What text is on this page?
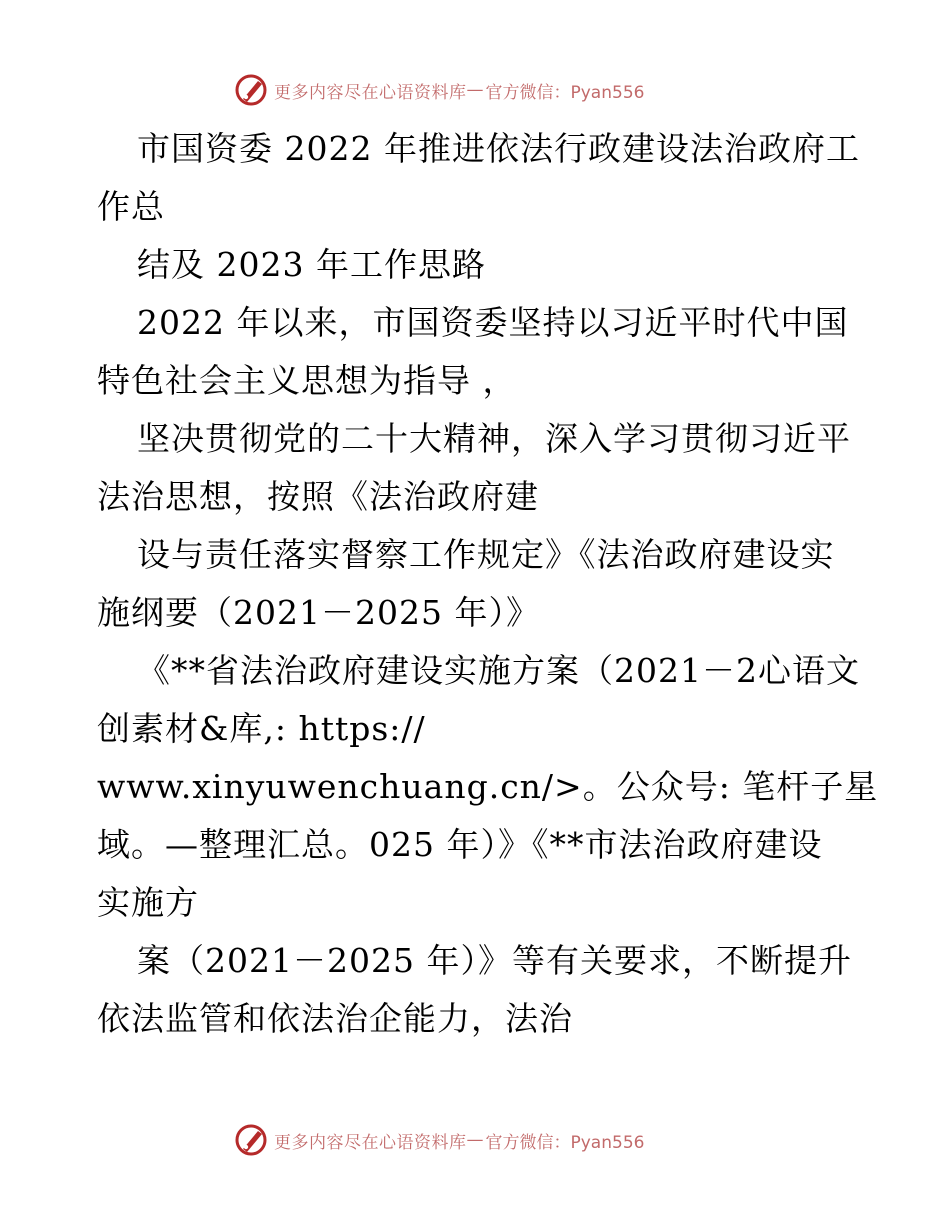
更多内容尽在心语资料库 — 官方微信：Pyan556
市国资委 2022 年推进依法行政建设法治政府工
作总
结及 2023 年工作思路
2022 年以来，市国资委坚持以习近平时代中国
特色社会主义思想为指导 ，
坚决贯彻党的二十大精神，深入学习贯彻习近平
法治思想，按照《法治政府建
设与责任落实督察工作规定》《法治政府建设实
施纲要（2021－2025 年）》
《**省法治政府建设实施方案（2021－2心语文
创素材&库,: https://
www.xinyuwenchuang.cn/>。公众号: 笔杆子星
域。—整理汇总。025 年）》《**市法治政府建设
实施方
案（2021－2025 年）》等有关要求，不断提升
依法监管和依法治企能力，法治
更多内容尽在心语资料库 — 官方微信：Pyan556
